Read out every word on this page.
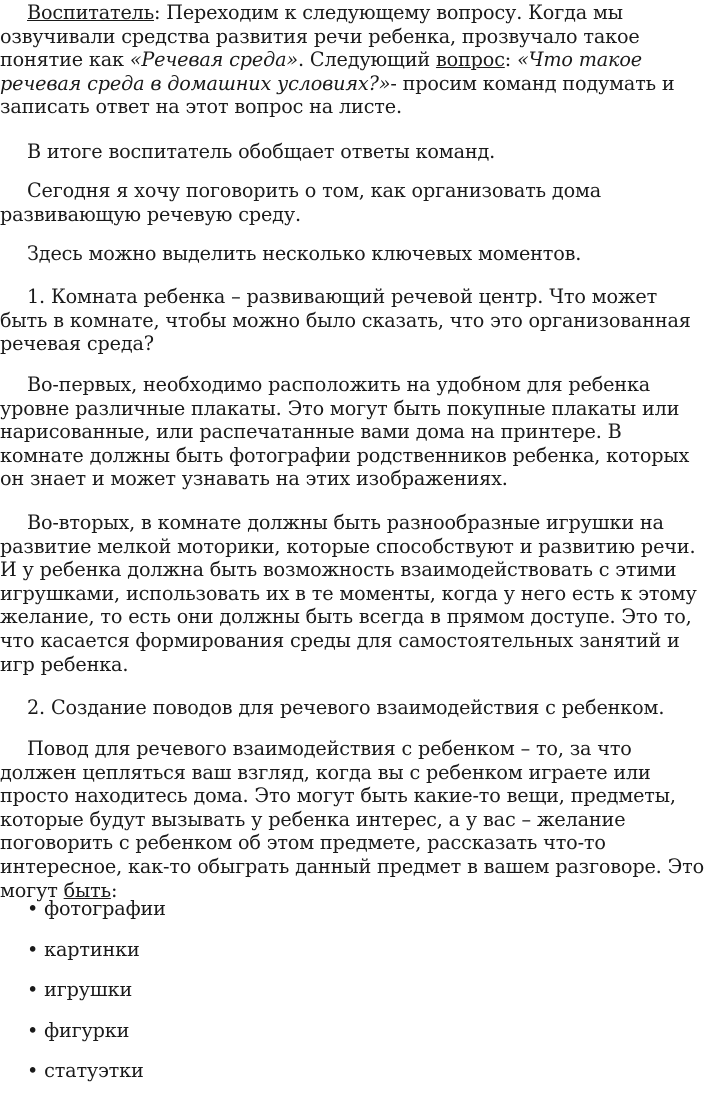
Воспитатель: Переходим к следующему вопросу. Когда мы озвучивали средства развития речи ребенка, прозвучало такое понятие как «Речевая среда». Следующий вопрос: «Что такое речевая среда в домашних условиях?»- просим команд подумать и записать ответ на этот вопрос на листе.

В итоге воспитатель обобщает ответы команд.

Сегодня я хочу поговорить о том, как организовать дома развивающую речевую среду.

Здесь можно выделить несколько ключевых моментов.

1. Комната ребенка – развивающий речевой центр. Что может быть в комнате, чтобы можно было сказать, что это организованная речевая среда?

Во-первых, необходимо расположить на удобном для ребенка уровне различные плакаты. Это могут быть покупные плакаты или нарисованные, или распечатанные вами дома на принтере. В комнате должны быть фотографии родственников ребенка, которых он знает и может узнавать на этих изображениях.

Во-вторых, в комнате должны быть разнообразные игрушки на развитие мелкой моторики, которые способствуют и развитию речи. И у ребенка должна быть возможность взаимодействовать с этими игрушками, использовать их в те моменты, когда у него есть к этому желание, то есть они должны быть всегда в прямом доступе. Это то, что касается формирования среды для самостоятельных занятий и игр ребенка.

2. Создание поводов для речевого взаимодействия с ребенком.

Повод для речевого взаимодействия с ребенком – то, за что должен цепляться ваш взгляд, когда вы с ребенком играете или просто находитесь дома. Это могут быть какие-то вещи, предметы, которые будут вызывать у ребенка интерес, а у вас – желание поговорить с ребенком об этом предмете, рассказать что-то интересное, как-то обыграть данный предмет в вашем разговоре. Это могут быть:

• фотографии

• картинки

• игрушки

• фигурки

• статуэтки
